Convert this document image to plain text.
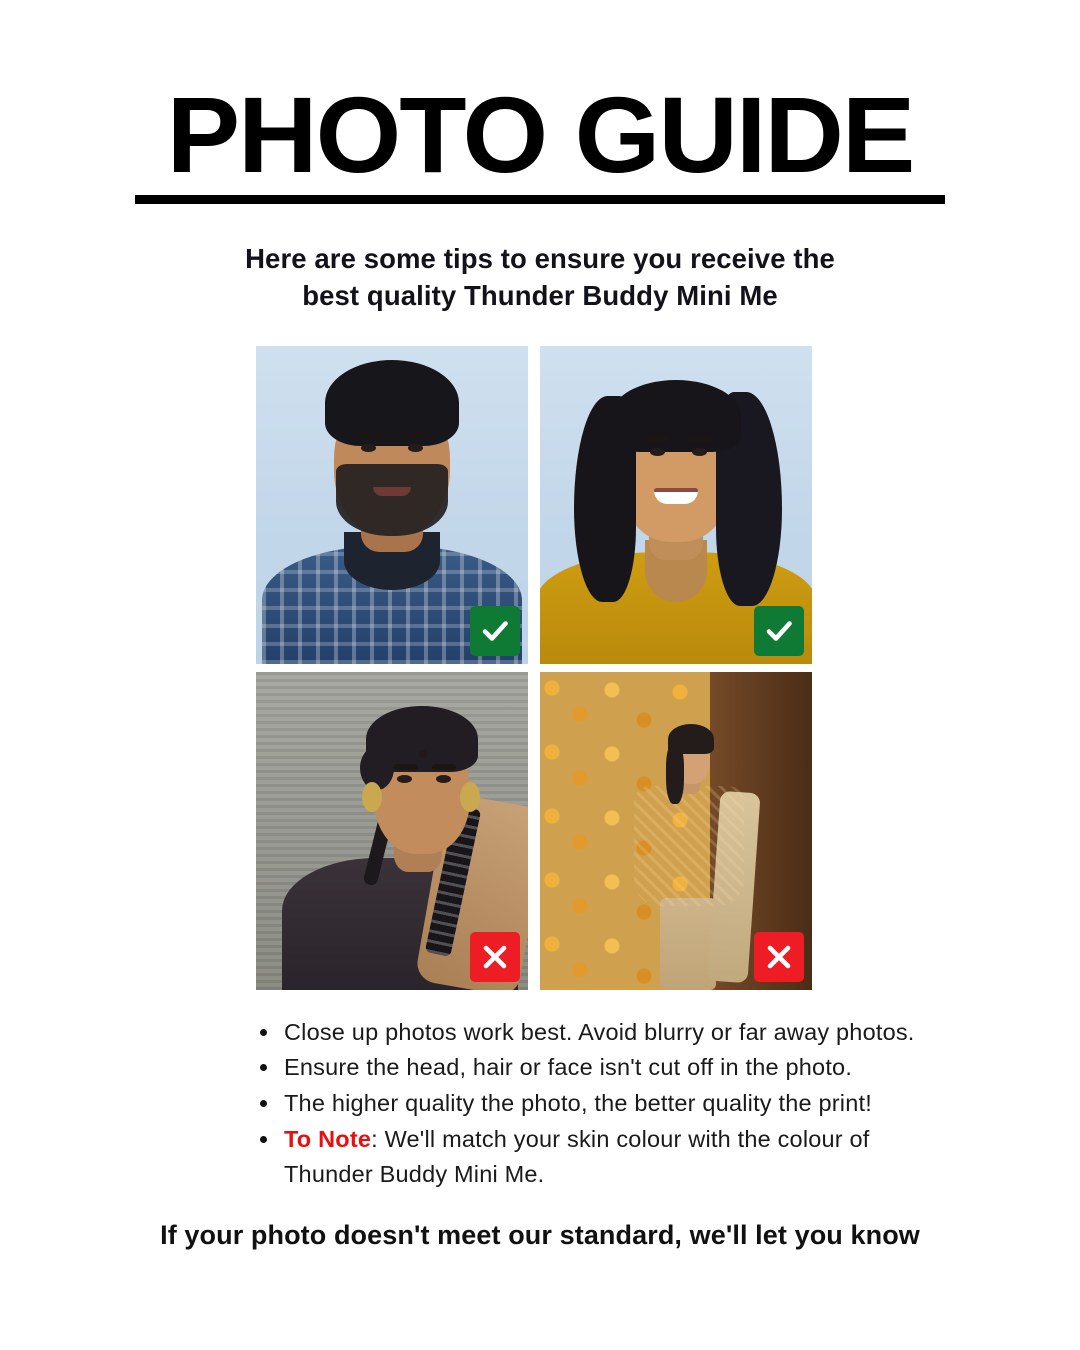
PHOTO GUIDE
Here are some tips to ensure you receive the
best quality Thunder Buddy Mini Me
Close up photos work best. Avoid blurry or far away photos.
Ensure the head, hair or face isn't cut off in the photo.
The higher quality the photo, the better quality the print!
To Note: We'll match your skin colour with the colour of
Thunder Buddy Mini Me.
If your photo doesn't meet our standard, we'll let you know
